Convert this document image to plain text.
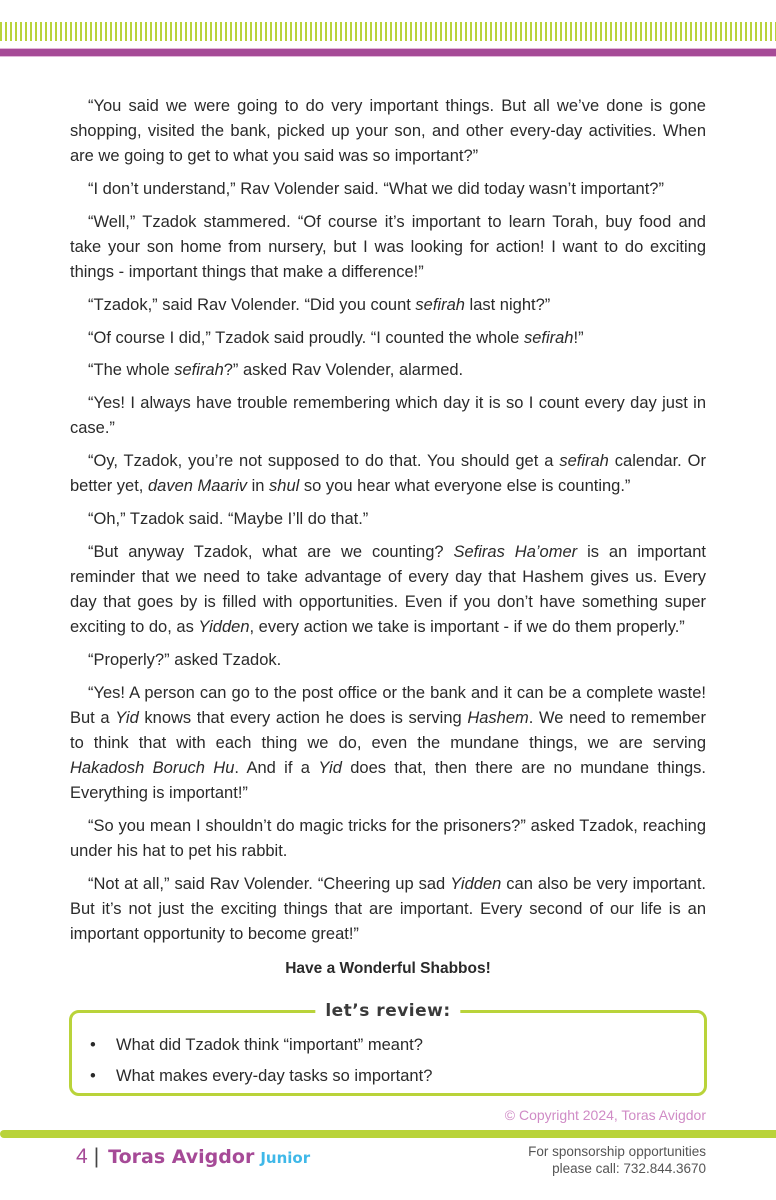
“You said we were going to do very important things. But all we’ve done is gone shopping, visited the bank, picked up your son, and other every-day activities. When are we going to get to what you said was so important?”

“I don’t understand,” Rav Volender said. “What we did today wasn’t important?”

“Well,” Tzadok stammered. “Of course it’s important to learn Torah, buy food and take your son home from nursery, but I was looking for action! I want to do exciting things - important things that make a difference!”

“Tzadok,” said Rav Volender. “Did you count sefirah last night?”

“Of course I did,” Tzadok said proudly. “I counted the whole sefirah!”

“The whole sefirah?” asked Rav Volender, alarmed.

“Yes! I always have trouble remembering which day it is so I count every day just in case.”

“Oy, Tzadok, you’re not supposed to do that. You should get a sefirah calendar. Or better yet, daven Maariv in shul so you hear what everyone else is counting.”

“Oh,” Tzadok said. “Maybe I’ll do that.”

“But anyway Tzadok, what are we counting? Sefiras Ha’omer is an important reminder that we need to take advantage of every day that Hashem gives us. Every day that goes by is filled with opportunities. Even if you don’t have something super exciting to do, as Yidden, every action we take is important - if we do them properly.”

“Properly?” asked Tzadok.

“Yes! A person can go to the post office or the bank and it can be a complete waste! But a Yid knows that every action he does is serving Hashem. We need to remember to think that with each thing we do, even the mundane things, we are serving Hakadosh Boruch Hu. And if a Yid does that, then there are no mundane things. Everything is important!”

“So you mean I shouldn’t do magic tricks for the prisoners?” asked Tzadok, reaching under his hat to pet his rabbit.

“Not at all,” said Rav Volender. “Cheering up sad Yidden can also be very important. But it’s not just the exciting things that are important. Every second of our life is an important opportunity to become great!”

Have a Wonderful Shabbos!
let’s review:
• What did Tzadok think “important” meant?
• What makes every-day tasks so important?
© Copyright 2024, Toras Avigdor
4 | Toras Avigdor Junior	For sponsorship opportunities
please call: 732.844.3670
